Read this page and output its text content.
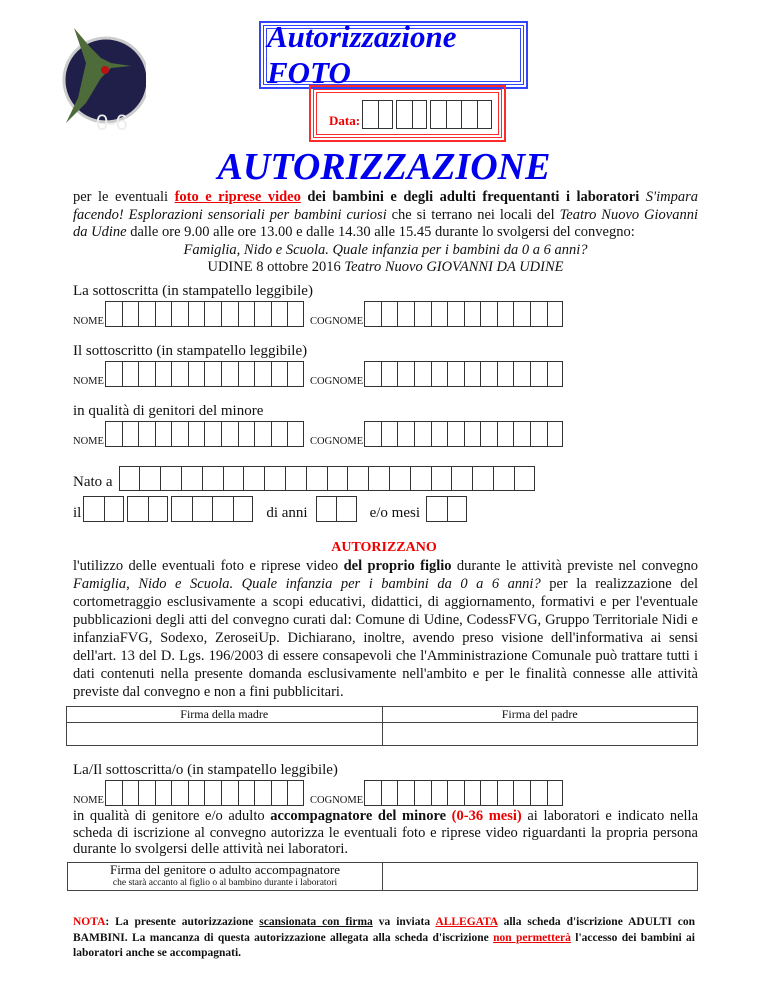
0-6
Autorizzazione FOTO
Data:
AUTORIZZAZIONE
per le eventuali foto e riprese video dei bambini e degli adulti frequentanti i laboratori S'impara facendo! Esplorazioni sensoriali per bambini curiosi che si terrano nei locali del Teatro Nuovo Giovanni da Udine dalle ore 9.00 alle ore 13.00 e dalle 14.30 alle 15.45 durante lo svolgersi del convegno:
Famiglia, Nido e Scuola. Quale infanzia per i bambini da 0 a 6 anni?
UDINE 8 ottobre 2016 Teatro Nuovo GIOVANNI DA UDINE
La sottoscritta (in stampatello leggibile)
NOME	COGNOME
Il sottoscritto (in stampatello leggibile)
NOME	COGNOME
in qualità di genitori del minore
NOME	COGNOME
Nato a
il	di anni	e/o mesi
AUTORIZZANO
l'utilizzo delle eventuali foto e riprese video del proprio figlio durante le attività previste nel convegno Famiglia, Nido e Scuola. Quale infanzia per i bambini da 0 a 6 anni? per la realizzazione del cortometraggio esclusivamente a scopi educativi, didattici, di aggiornamento, formativi e per l'eventuale pubblicazioni degli atti del convegno curati dal: Comune di Udine, CodessFVG, Gruppo Territoriale Nidi e infanziaFVG, Sodexo, ZeroseiUp. Dichiarano, inoltre, avendo preso visione dell'informativa ai sensi dell'art. 13 del D. Lgs. 196/2003 di essere consapevoli che l'Amministrazione Comunale può trattare tutti i dati contenuti nella presente domanda esclusivamente nell'ambito e per le finalità connesse alle attività previste dal convegno e non a fini pubblicitari.
Firma della madre	Firma del padre

La/Il sottoscritta/o (in stampatello leggibile)
NOME	COGNOME
in qualità di genitore e/o adulto accompagnatore del minore (0-36 mesi) ai laboratori e indicato nella scheda di iscrizione al convegno autorizza le eventuali foto e riprese video riguardanti la propria persona durante lo svolgersi delle attività nei laboratori.
Firma del genitore o adulto accompagnatore
che starà accanto al figlio o al bambino durante i laboratori

NOTA: La presente autorizzazione scansionata con firma va inviata ALLEGATA alla scheda d'iscrizione ADULTI con BAMBINI. La mancanza di questa autorizzazione allegata alla scheda d'iscrizione non permetterà l'accesso dei bambini ai laboratori anche se accompagnati.
